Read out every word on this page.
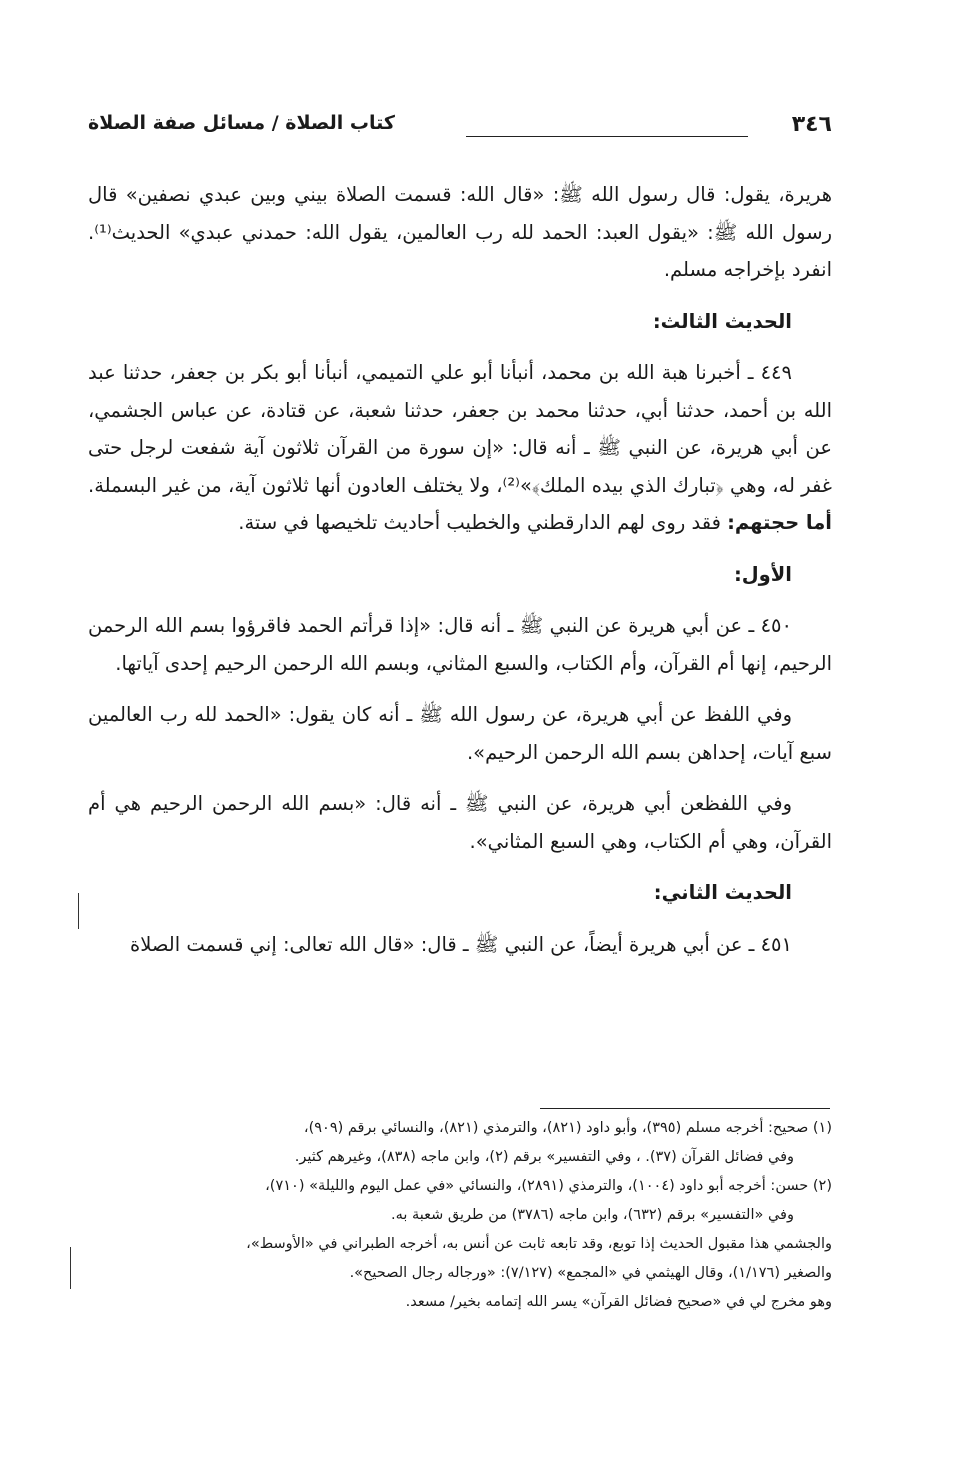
٣٤٦
كتاب الصلاة / مسائل صفة الصلاة

هريرة، يقول: قال رسول الله ﷺ: «قال الله: قسمت الصلاة بيني وبين عبدي نصفين» قال رسول الله ﷺ: «يقول العبد: الحمد لله رب العالمين، يقول الله: حمدني عبدي» الحديث⁽¹⁾. انفرد بإخراجه مسلم.

الحديث الثالث:

٤٤٩ ـ أخبرنا هبة الله بن محمد، أنبأنا أبو علي التميمي، أنبأنا أبو بكر بن جعفر، حدثنا عبد الله بن أحمد، حدثنا أبي، حدثنا محمد بن جعفر، حدثنا شعبة، عن قتادة، عن عباس الجشمي، عن أبي هريرة، عن النبي ﷺ ـ أنه قال: «إن سورة من القرآن ثلاثون آية شفعت لرجل حتى غفر له، وهي ﴿تبارك الذي بيده الملك﴾»⁽²⁾، ولا يختلف العادون أنها ثلاثون آية، من غير البسملة. أما حجتهم: فقد روى لهم الدارقطني والخطيب أحاديث تلخيصها في ستة.

الأول:

٤٥٠ ـ عن أبي هريرة عن النبي ﷺ ـ أنه قال: «إذا قرأتم الحمد فاقرؤوا بسم الله الرحمن الرحيم، إنها أم القرآن، وأم الكتاب، والسبع المثاني، وبسم الله الرحمن الرحيم إحدى آياتها.

وفي اللفظ عن أبي هريرة، عن رسول الله ﷺ ـ أنه كان يقول: «الحمد لله رب العالمين سبع آيات، إحداهن بسم الله الرحمن الرحيم».

وفي اللفظعن أبي هريرة، عن النبي ﷺ ـ أنه قال: «بسم الله الرحمن الرحيم هي أم القرآن، وهي أم الكتاب، وهي السبع المثاني».

الحديث الثاني:

٤٥١ ـ عن أبي هريرة أيضاً، عن النبي ﷺ ـ قال: «قال الله تعالى: إني قسمت الصلاة

(١) صحيح: أخرجه مسلم (٣٩٥)، وأبو داود (٨٢١)، والترمذي (٨٢١)، والنسائي برقم (٩٠٩)،

وفي فضائل القرآن (٣٧). ، وفي التفسير» برقم (٢)، وابن ماجه (٨٣٨)، وغيرهم كثير.

(٢) حسن: أخرجه أبو داود (١٠٠٤)، والترمذي (٢٨٩١)، والنسائي «في عمل اليوم والليلة» (٧١٠)،

وفي «التفسير» برقم (٦٣٢)، وابن ماجه (٣٧٨٦) من طريق شعبة به.

والجشمي هذا مقبول الحديث إذا توبع، وقد تابعه ثابت عن أنس به، أخرجه الطبراني في «الأوسط»،

والصغير (١/١٧٦)، وقال الهيثمي في «المجمع» (٧/١٢٧): «ورجاله رجال الصحيح».

وهو مخرج لي في «صحيح فضائل القرآن» يسر الله إتمامه بخير/ مسعد.
